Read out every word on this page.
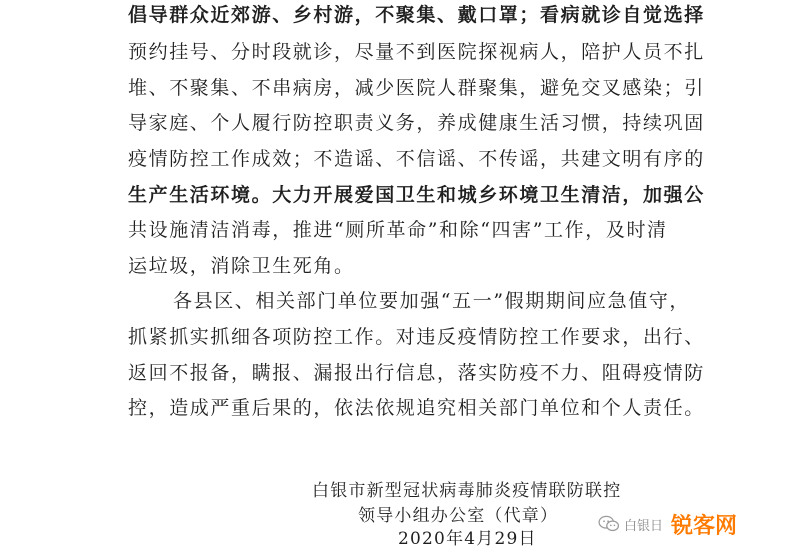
倡导群众近郊游、乡村游，不聚集、戴口罩；看病就诊自觉选择
预约挂号、分时段就诊，尽量不到医院探视病人，陪护人员不扎
堆、不聚集、不串病房，减少医院人群聚集，避免交叉感染；引
导家庭、个人履行防控职责义务，养成健康生活习惯，持续巩固
疫情防控工作成效；不造谣、不信谣、不传谣，共建文明有序的
生产生活环境。大力开展爱国卫生和城乡环境卫生清洁，加强公
共设施清洁消毒，推进“厕所革命”和除“四害”工作，及时清
运垃圾，消除卫生死角。
各县区、相关部门单位要加强“五一”假期期间应急值守，
抓紧抓实抓细各项防控工作。对违反疫情防控工作要求，出行、
返回不报备，瞒报、漏报出行信息，落实防疫不力、阻碍疫情防
控，造成严重后果的，依法依规追究相关部门单位和个人责任。
白银市新型冠状病毒肺炎疫情联防联控
领导小组办公室（代章）
2020年4月29日
白银日 锐客网
